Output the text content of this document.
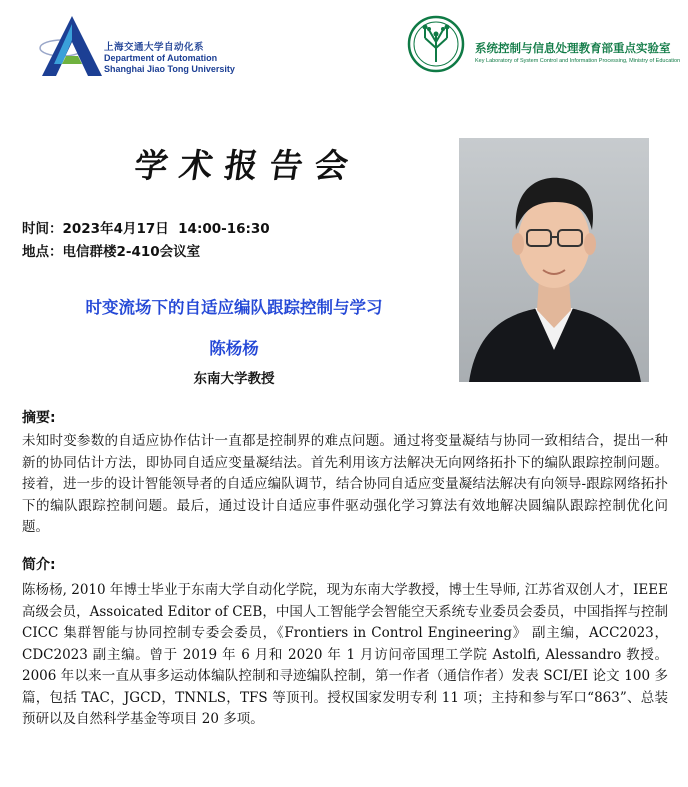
上海交通大学自动化系
Department of Automation
Shanghai Jiao Tong University
系统控制与信息处理教育部重点实验室
Key Laboratory of System Control and Information Processing, Ministry of Education
学术报告会
时间：2023年4月17日  14:00-16:30
地点：电信群楼2-410会议室
时变流场下的自适应编队跟踪控制与学习
陈杨杨
东南大学教授
摘要:
未知时变参数的自适应协作估计一直都是控制界的难点问题。通过将变量凝结与协同一致相结合，提出一种新的协同估计方法，即协同自适应变量凝结法。首先利用该方法解决无向网络拓扑下的编队跟踪控制问题。接着，进一步的设计智能领导者的自适应编队调节，结合协同自适应变量凝结法解决有向领导-跟踪网络拓扑下的编队跟踪控制问题。最后，通过设计自适应事件驱动强化学习算法有效地解决圆编队跟踪控制优化问题。
简介:
陈杨杨, 2010 年博士毕业于东南大学自动化学院，现为东南大学教授，博士生导师, 江苏省双创人才，IEEE 高级会员，Assoicated Editor of CEB，中国人工智能学会智能空天系统专业委员会委员，中国指挥与控制 CICC 集群智能与协同控制专委会委员，《Frontiers in Control Engineering》 副主编，ACC2023，CDC2023 副主编。曾于 2019 年 6 月和 2020 年 1 月访问帝国理工学院 Astolfi, Alessandro 教授。2006 年以来一直从事多运动体编队控制和寻迹编队控制，第一作者（通信作者）发表 SCI/EI 论文 100 多篇，包括 TAC，JGCD，TNNLS，TFS 等顶刊。授权国家发明专利 11 项；主持和参与军口“863”、总装预研以及自然科学基金等项目 20 多项。
